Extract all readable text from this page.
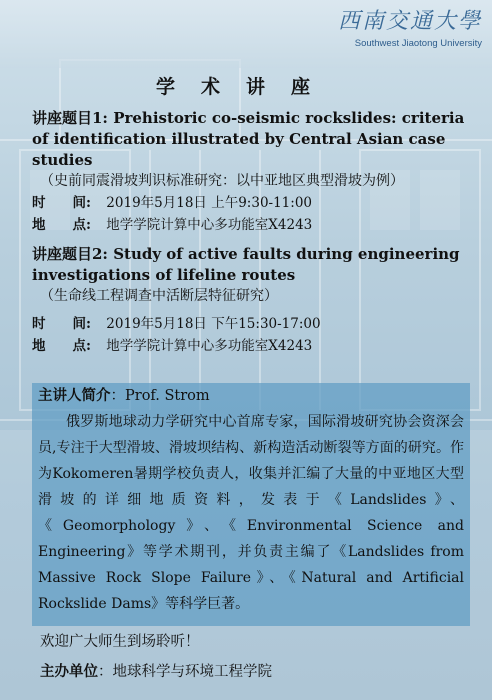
西南交通大學
Southwest Jiaotong University
学术讲座
讲座题目1: Prehistoric co-seismic rockslides: criteria of identification illustrated by Central Asian case studies
（史前同震滑坡判识标准研究：以中亚地区典型滑坡为例）
时　　间: 2019年5月18日 上午9:30-11:00
地　　点: 地学学院计算中心多功能室X4243
讲座题目2: Study of active faults during engineering investigations of lifeline routes
（生命线工程调查中活断层特征研究）
时　　间: 2019年5月18日 下午15:30-17:00
地　　点: 地学学院计算中心多功能室X4243
主讲人简介：Prof. Strom
俄罗斯地球动力学研究中心首席专家，国际滑坡研究协会资深会员,专注于大型滑坡、滑坡坝结构、新构造活动断裂等方面的研究。作为Kokomeren暑期学校负责人，收集并汇编了大量的中亚地区大型滑坡的详细地质资料，发表于《Landslides》、《Geomorphology》、《Environmental Science and Engineering》等学术期刊，并负责主编了《Landslides from Massive Rock Slope Failure》、《Natural and Artificial Rockslide Dams》等科学巨著。
欢迎广大师生到场聆听！
主办单位：地球科学与环境工程学院
